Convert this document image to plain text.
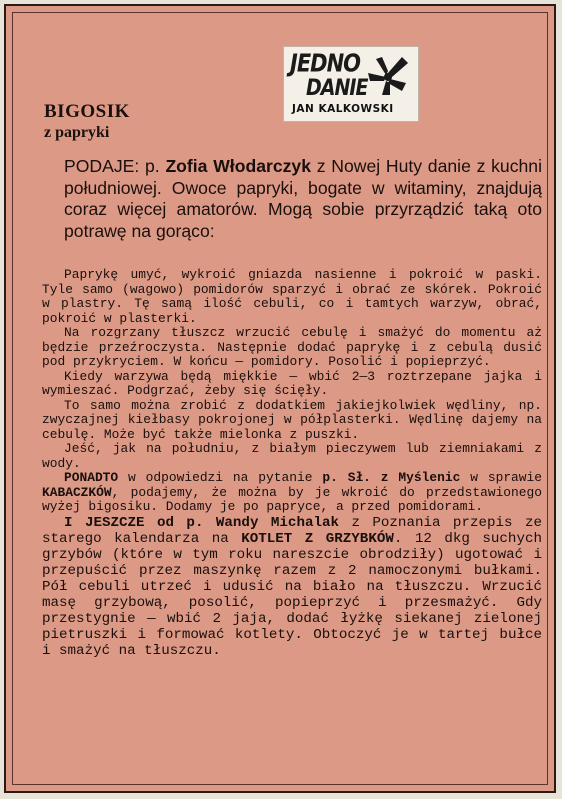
JEDNO
DANIE
JAN KALKOWSKI
BIGOSIK
z papryki
PODAJE: p. Zofia Włodarczyk z Nowej Huty danie z kuchni południowej. Owoce papryki, bogate w witaminy, znajdują coraz więcej amatorów. Mogą sobie przyrządzić taką oto potrawę na gorąco:

Paprykę umyć, wykroić gniazda nasienne i pokroić w paski. Tyle samo (wagowo) pomidorów sparzyć i obrać ze skórek. Pokroić w plastry. Tę samą ilość cebuli, co i tamtych warzyw, obrać, pokroić w plasterki.

Na rozgrzany tłuszcz wrzucić cebulę i smażyć do momentu aż będzie przeźroczysta. Następnie dodać paprykę i z cebulą dusić pod przykryciem. W końcu — pomidory. Posolić i popieprzyć.

Kiedy warzywa będą miękkie — wbić 2—3 roztrzepane jajka i wymieszać. Podgrzać, żeby się ścięły.

To samo można zrobić z dodatkiem jakiejkolwiek wędliny, np. zwyczajnej kiełbasy pokrojonej w półplasterki. Wędlinę dajemy na cebulę. Może być także mielonka z puszki.

Jeść, jak na południu, z białym pieczywem lub ziemniakami z wody.

PONADTO w odpowiedzi na pytanie p. Sł. z Myślenic w sprawie KABACZKÓW, podajemy, że można by je wkroić do przedstawionego wyżej bigosiku. Dodamy je po papryce, a przed pomidorami.

I JESZCZE od p. Wandy Michalak z Poznania przepis ze starego kalendarza na KOTLET Z GRZYBKÓW. 12 dkg suchych grzybów (które w tym roku nareszcie obrodziły) ugotować i przepuścić przez maszynkę razem z 2 namoczonymi bułkami. Pół cebuli utrzeć i udusić na biało na tłuszczu. Wrzucić masę grzybową, posolić, popieprzyć i przesmażyć. Gdy przestygnie — wbić 2 jaja, dodać łyżkę siekanej zielonej pietruszki i formować kotlety. Obtoczyć je w tartej bułce i smażyć na tłuszczu.
